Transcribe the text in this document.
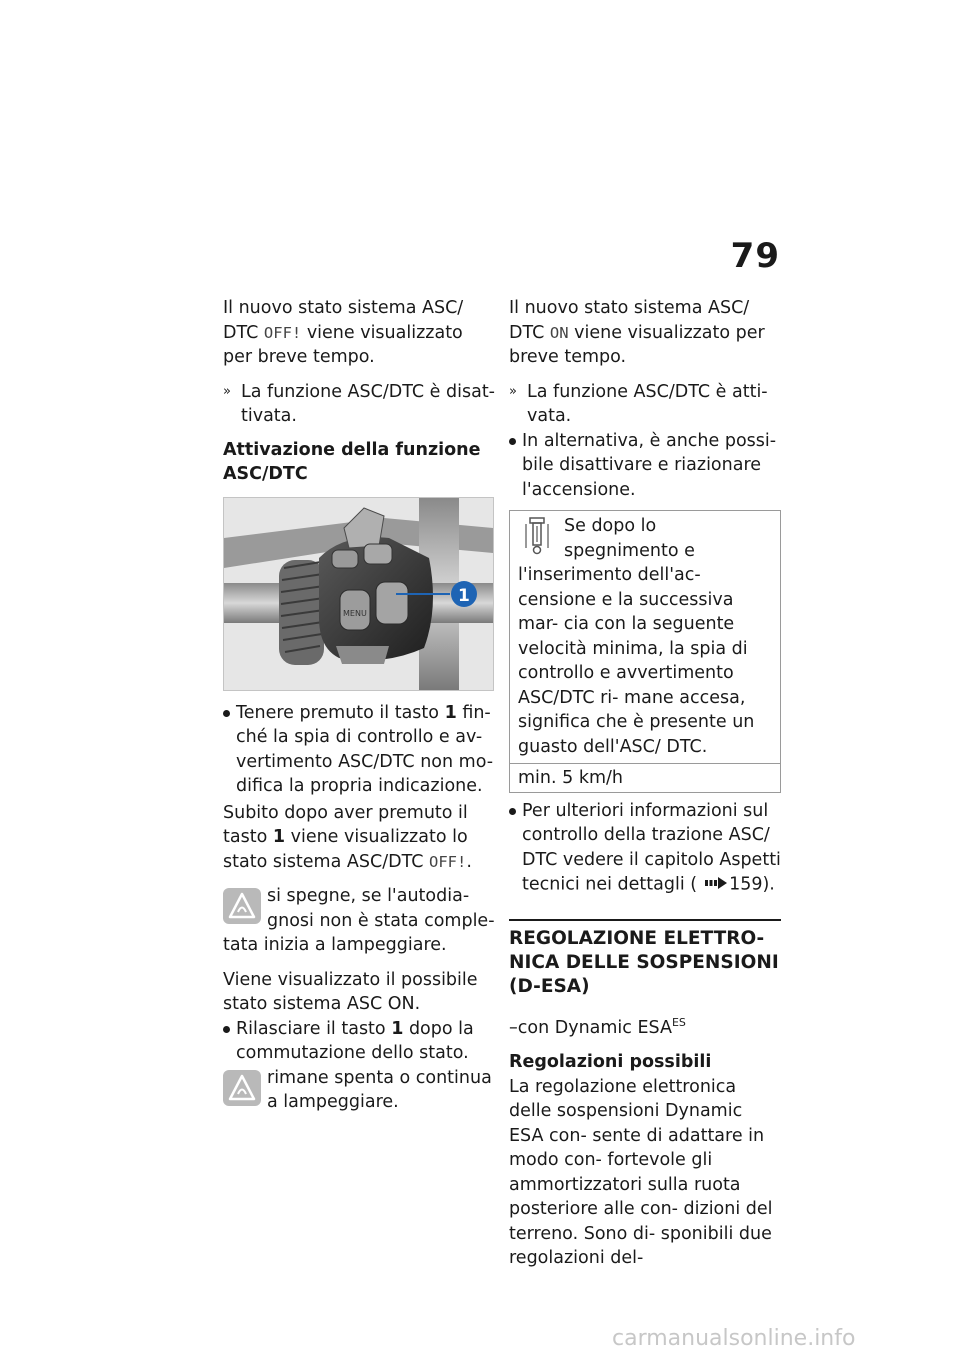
79

Il nuovo stato sistema ASC/ DTC OFF! viene visualizzato per breve tempo.

» La funzione ASC/DTC è disat- tivata.
Attivazione della funzione ASC/DTC
MENU
1
Tenere premuto il tasto 1 fin- ché la spia di controllo e av- vertimento ASC/DTC non mo- difica la propria indicazione.

Subito dopo aver premuto il tasto 1 viene visualizzato lo stato sistema ASC/DTC OFF!.

si spegne, se l'autodia- gnosi non è stata comple- tata inizia a lampeggiare.

Viene visualizzato il possibile stato sistema ASC ON.

Rilasciare il tasto 1 dopo la commutazione dello stato.
rimane spenta o continua a lampeggiare.

Il nuovo stato sistema ASC/ DTC ON viene visualizzato per breve tempo.

» La funzione ASC/DTC è atti- vata.
In alternativa, è anche possi- bile disattivare e riazionare l'accensione.
Se dopo lo spegnimento e l'inserimento dell'ac- censione e la successiva mar- cia con la seguente velocità minima, la spia di controllo e avvertimento ASC/DTC ri- mane accesa, significa che è presente un guasto dell'ASC/ DTC.
min. 5 km/h
Per ulteriori informazioni sul controllo della trazione ASC/ DTC vedere il capitolo Aspetti tecnici nei dettagli ( 159).
REGOLAZIONE ELETTRO- NICA DELLE SOSPENSIONI (D-ESA)

–con Dynamic $ESA^{ES}$

Regolazioni possibili

La regolazione elettronica delle sospensioni Dynamic ESA con- sente di adattare in modo con- fortevole gli ammortizzatori sulla ruota posteriore alle con- dizioni del terreno. Sono di- sponibili due regolazioni del-

carmanualsonline.info
